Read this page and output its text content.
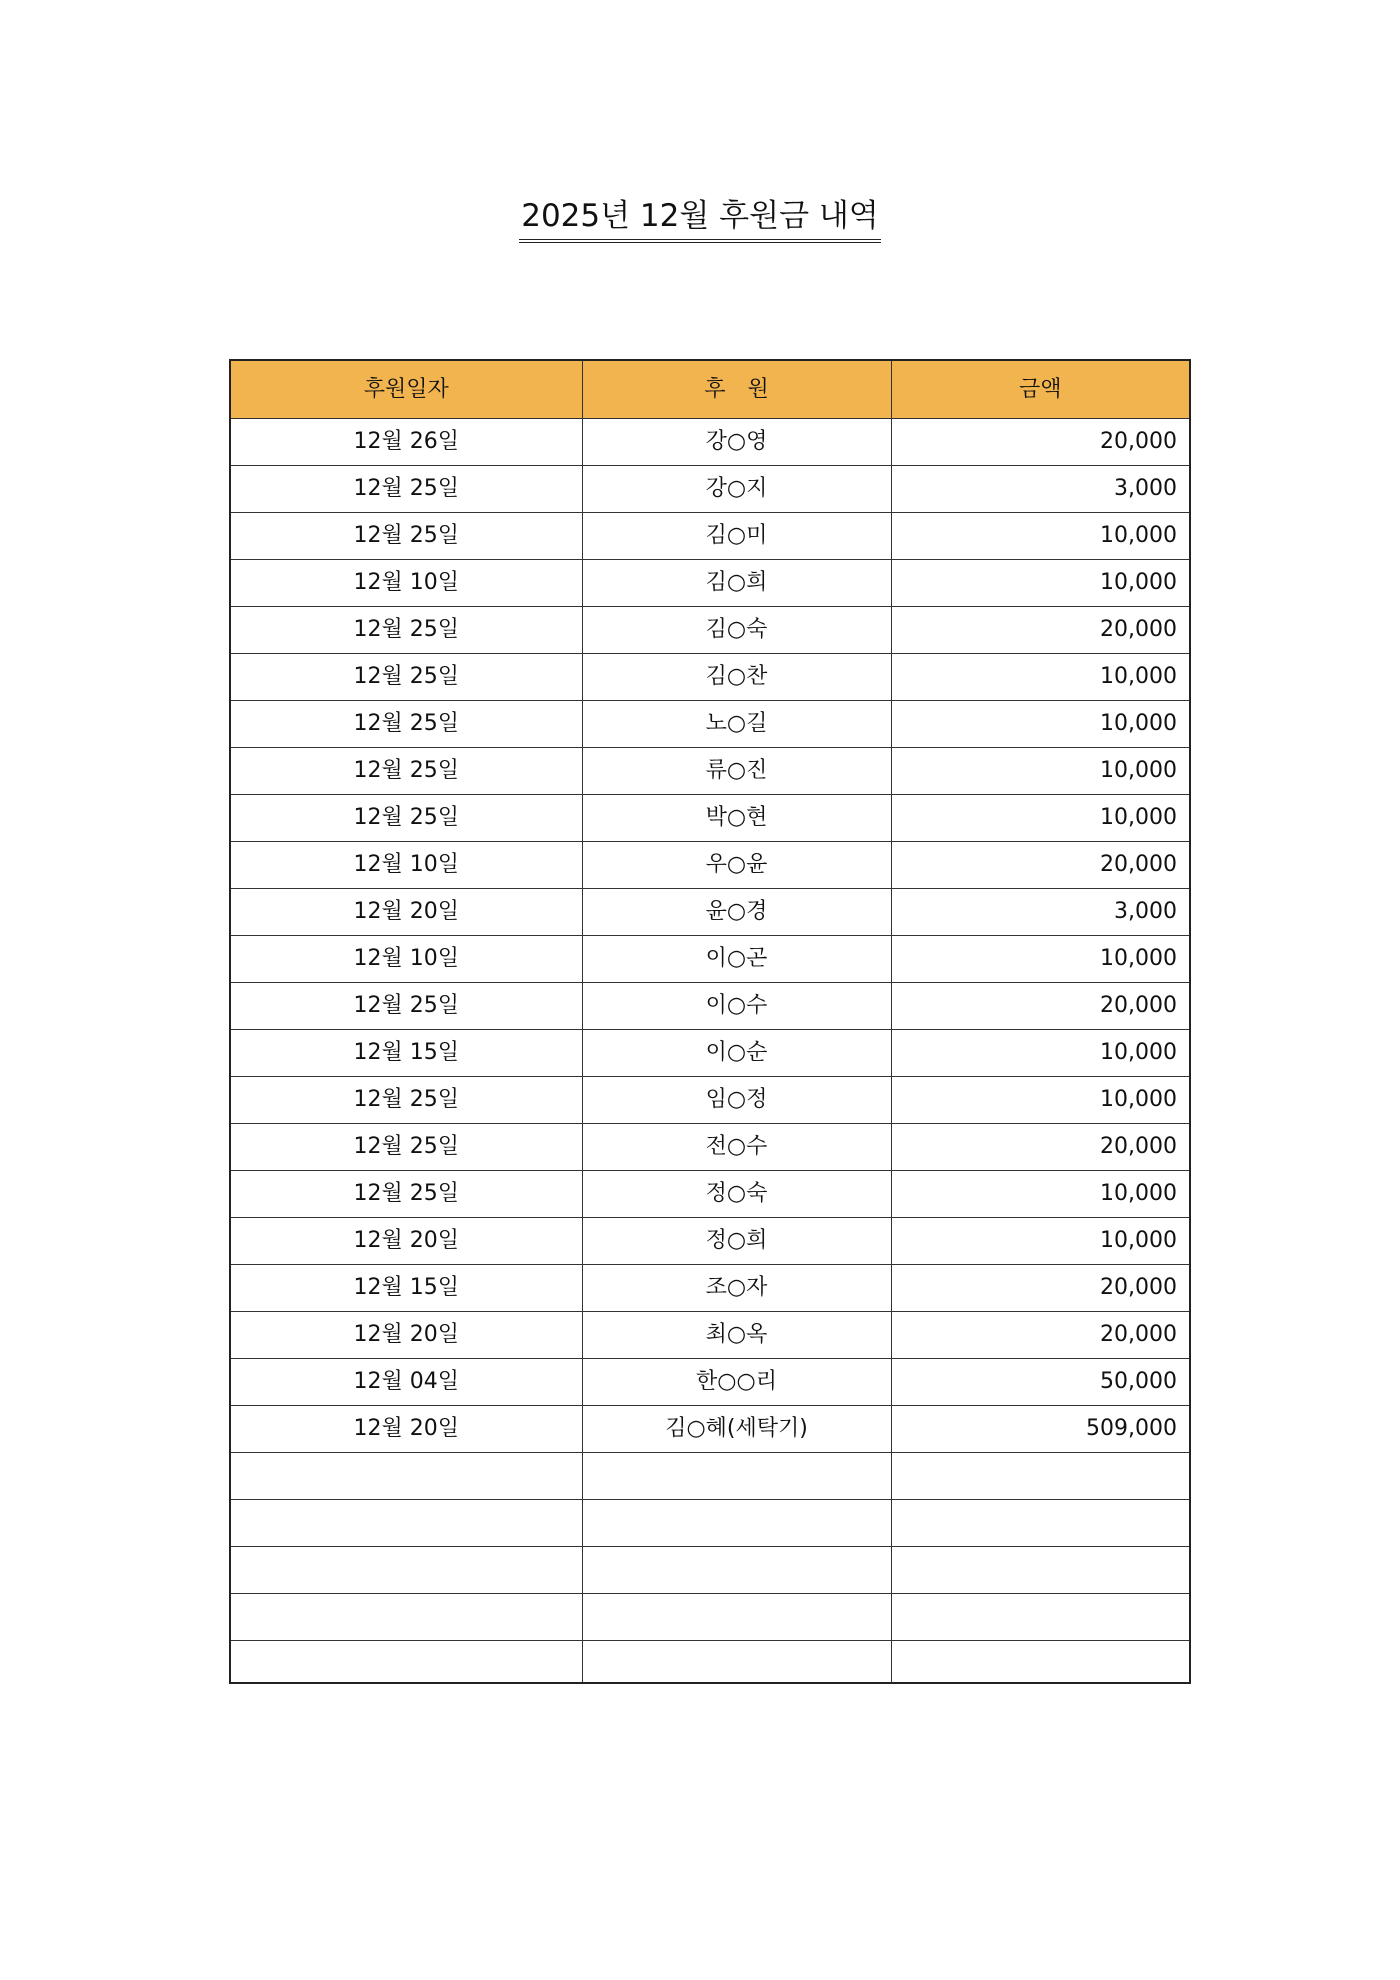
2025년 12월 후원금 내역
후원일자	후　원	금액
12월 26일	강○영	20,000
12월 25일	강○지	3,000
12월 25일	김○미	10,000
12월 10일	김○희	10,000
12월 25일	김○숙	20,000
12월 25일	김○찬	10,000
12월 25일	노○길	10,000
12월 25일	류○진	10,000
12월 25일	박○현	10,000
12월 10일	우○윤	20,000
12월 20일	윤○경	3,000
12월 10일	이○곤	10,000
12월 25일	이○수	20,000
12월 15일	이○순	10,000
12월 25일	임○정	10,000
12월 25일	전○수	20,000
12월 25일	정○숙	10,000
12월 20일	정○희	10,000
12월 15일	조○자	20,000
12월 20일	최○옥	20,000
12월 04일	한○○리	50,000
12월 20일	김○혜(세탁기)	509,000
